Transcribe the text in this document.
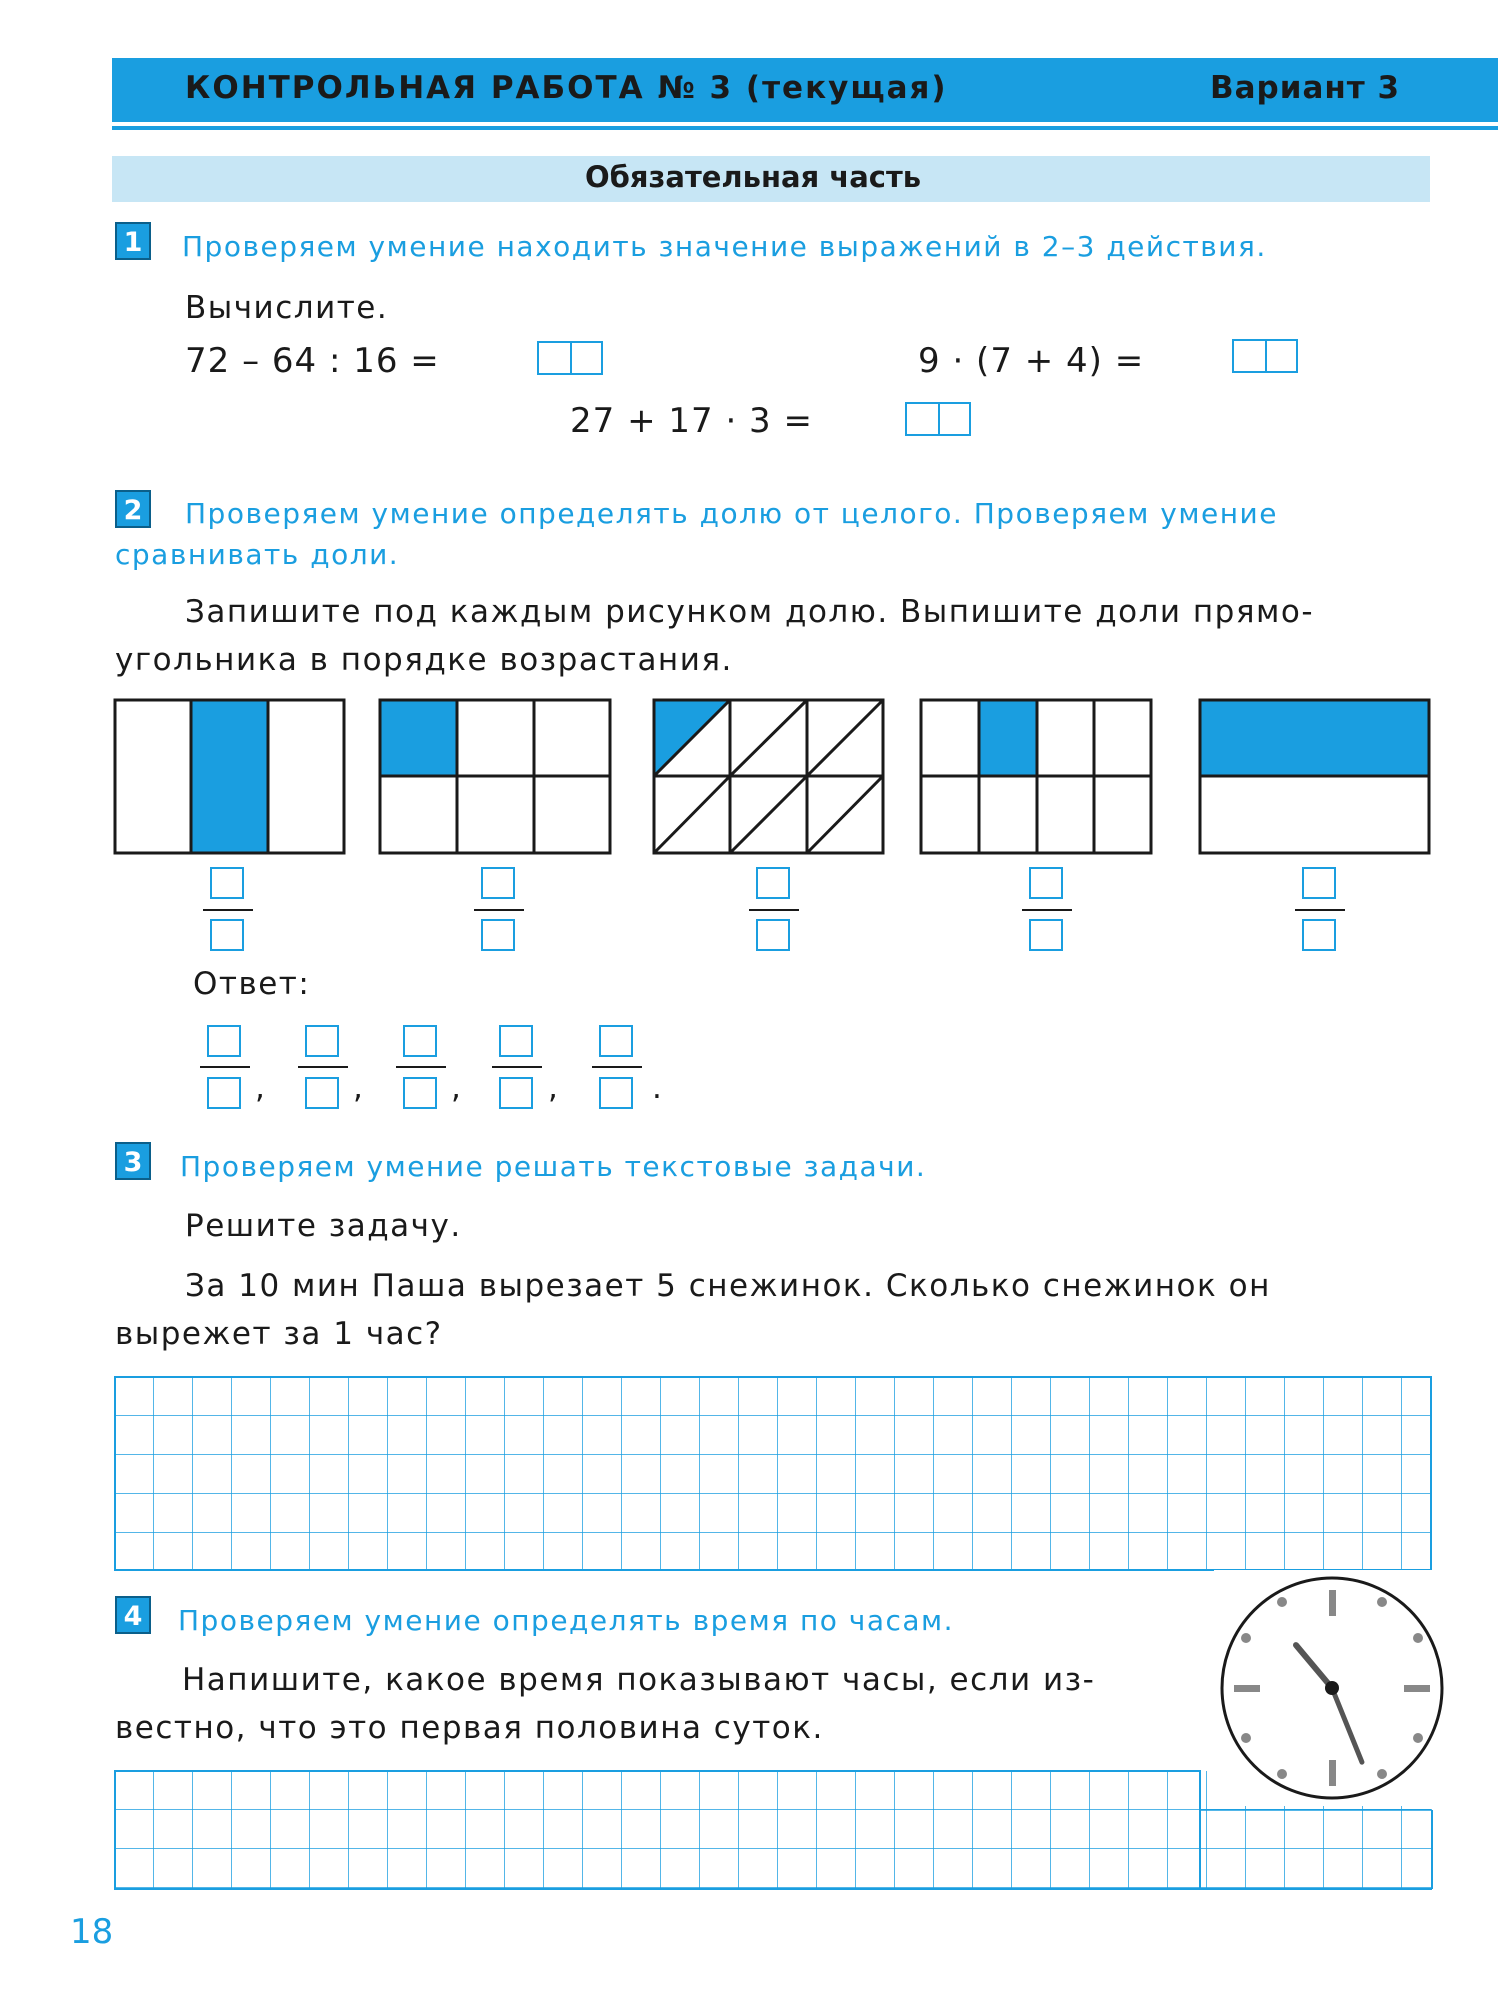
КОНТРОЛЬНАЯ РАБОТА № 3 (текущая)	Вариант 3
Обязательная часть
1	Проверяем умение находить значение выражений в 2–3 действия.
Вычислите.
72 – 64 : 16 =	9 · (7 + 4) =
27 + 17 · 3 =
2	Проверяем умение определять долю от целого. Проверяем умение
сравнивать доли.
Запишите под каждым рисунком долю. Выпишите доли прямо-
угольника в порядке возрастания.
Ответ:
,	,	,	,	.
3	Проверяем умение решать текстовые задачи.
Решите задачу.
За 10 мин Паша вырезает 5 снежинок. Сколько снежинок он
вырежет за 1 час?
4	Проверяем умение определять время по часам.
Напишите, какое время показывают часы, если из-
вестно, что это первая половина суток.
18
